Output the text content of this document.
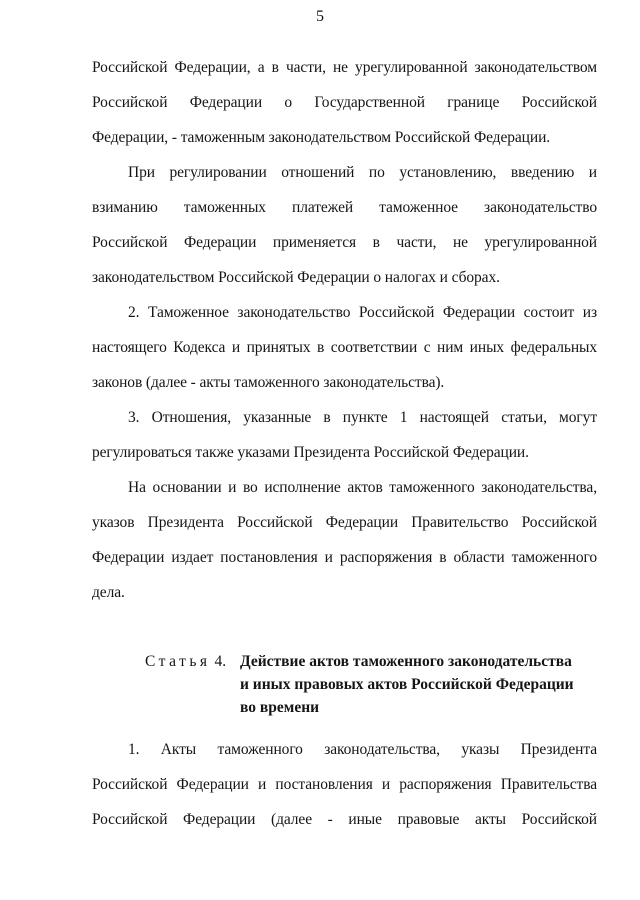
5
Российской Федерации, а в части, не урегулированной законодательством
Российской Федерации о Государственной границе Российской
Федерации, - таможенным законодательством Российской Федерации.
При регулировании отношений по установлению, введению и
взиманию таможенных платежей таможенное законодательство
Российской Федерации применяется в части, не урегулированной
законодательством Российской Федерации о налогах и сборах.
2. Таможенное законодательство Российской Федерации состоит из
настоящего Кодекса и принятых в соответствии с ним иных федеральных
законов (далее - акты таможенного законодательства).
3. Отношения, указанные в пункте 1 настоящей статьи, могут
регулироваться также указами Президента Российской Федерации.
На основании и во исполнение актов таможенного законодательства,
указов Президента Российской Федерации Правительство Российской
Федерации издает постановления и распоряжения в области таможенного
дела.
Статья 4. Действие актов таможенного законодательства
и иных правовых актов Российской Федерации
во времени
1. Акты таможенного законодательства, указы Президента
Российской Федерации и постановления и распоряжения Правительства
Российской Федерации (далее - иные правовые акты Российской
